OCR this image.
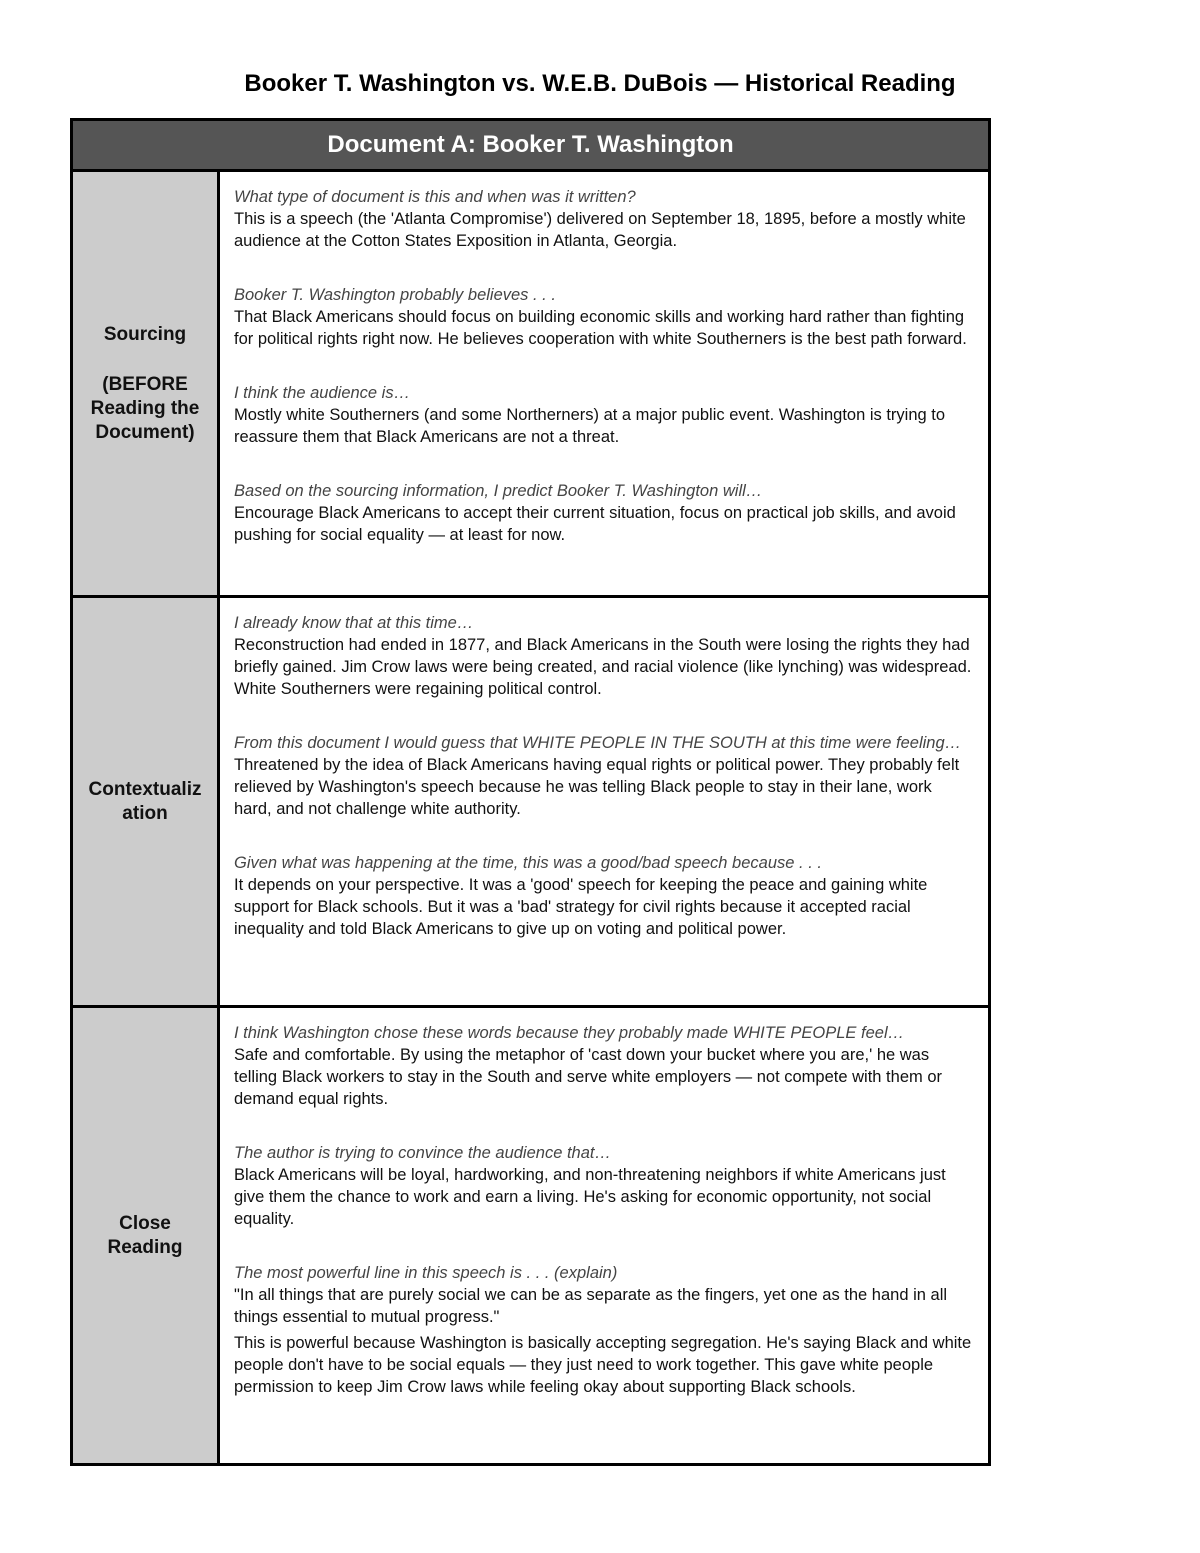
Booker T. Washington vs. W.E.B. DuBois — Historical Reading
Document A: Booker T. Washington
Sourcing
(BEFORE Reading the Document)
What type of document is this and when was it written?
This is a speech (the 'Atlanta Compromise') delivered on September 18, 1895, before a mostly white audience at the Cotton States Exposition in Atlanta, Georgia.
Booker T. Washington probably believes . . .
That Black Americans should focus on building economic skills and working hard rather than fighting for political rights right now. He believes cooperation with white Southerners is the best path forward.
I think the audience is…
Mostly white Southerners (and some Northerners) at a major public event. Washington is trying to reassure them that Black Americans are not a threat.
Based on the sourcing information, I predict Booker T. Washington will…
Encourage Black Americans to accept their current situation, focus on practical job skills, and avoid pushing for social equality — at least for now.
Contextualization
I already know that at this time…
Reconstruction had ended in 1877, and Black Americans in the South were losing the rights they had briefly gained. Jim Crow laws were being created, and racial violence (like lynching) was widespread. White Southerners were regaining political control.
From this document I would guess that WHITE PEOPLE IN THE SOUTH at this time were feeling…
Threatened by the idea of Black Americans having equal rights or political power. They probably felt relieved by Washington's speech because he was telling Black people to stay in their lane, work hard, and not challenge white authority.
Given what was happening at the time, this was a good/bad speech because . . .
It depends on your perspective. It was a 'good' speech for keeping the peace and gaining white support for Black schools. But it was a 'bad' strategy for civil rights because it accepted racial inequality and told Black Americans to give up on voting and political power.
Close Reading
I think Washington chose these words because they probably made WHITE PEOPLE feel…
Safe and comfortable. By using the metaphor of 'cast down your bucket where you are,' he was telling Black workers to stay in the South and serve white employers — not compete with them or demand equal rights.
The author is trying to convince the audience that…
Black Americans will be loyal, hardworking, and non-threatening neighbors if white Americans just give them the chance to work and earn a living. He's asking for economic opportunity, not social equality.
The most powerful line in this speech is . . . (explain)
"In all things that are purely social we can be as separate as the fingers, yet one as the hand in all things essential to mutual progress."
This is powerful because Washington is basically accepting segregation. He's saying Black and white people don't have to be social equals — they just need to work together. This gave white people permission to keep Jim Crow laws while feeling okay about supporting Black schools.
